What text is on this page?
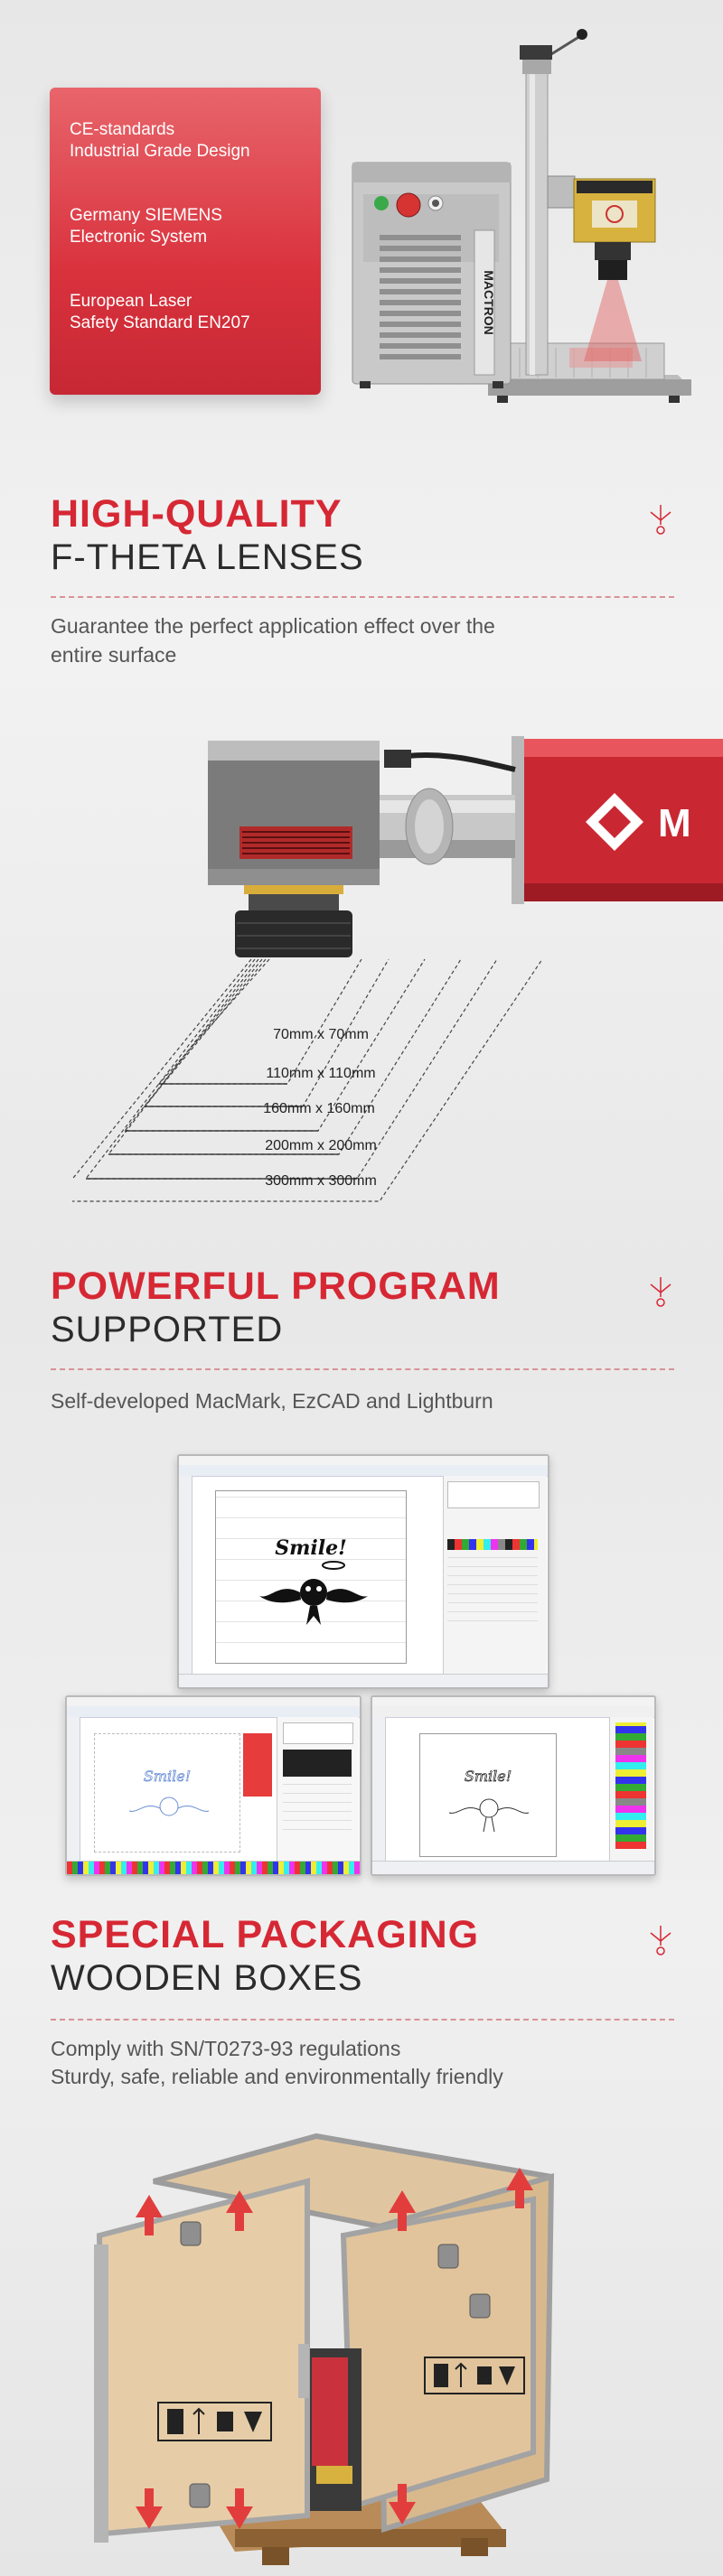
CE-standards
Industrial Grade Design
Germany SIEMENS
Electronic System
European Laser
Safety Standard EN207	MACTRON
HIGH-QUALITY
F-THETA LENSES
Guarantee the perfect application effect over the
entire surface
M
70mm x 70mm
110mm x 110mm
160mm x 160mm
200mm x 200mm
300mm x 300mm
POWERFUL PROGRAM
SUPPORTED
Self-developed MacMark, EzCAD and Lightburn
Smile!
Smile!	Smile!
SPECIAL PACKAGING
WOODEN BOXES
Comply with SN/T0273-93 regulations
Sturdy, safe, reliable and environmentally friendly
